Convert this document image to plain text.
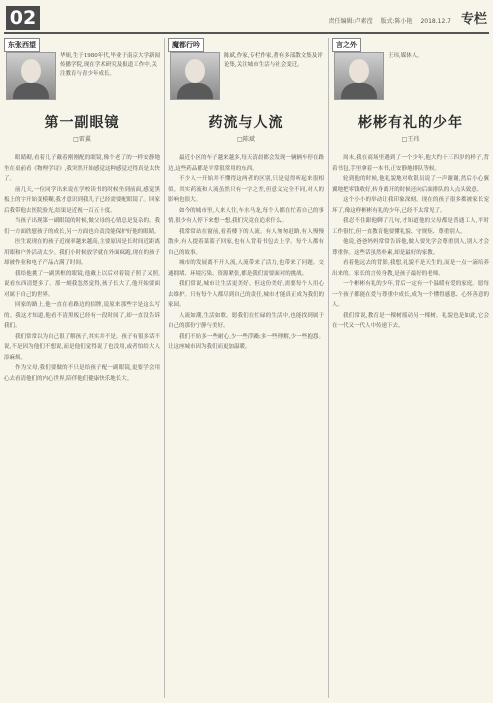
02	责任编辑:卢素滢 版式:陈小艳 2018.12.7 专栏
东张西望
华姐,生于1980年代,毕业于南京大学新闻传播学院,现在学术研究及报道工作中,关注教育与青少年成长。
第一副眼镜
□雷翼

眼睛砌,看着儿子戴着刚刚配的眼镜,像个老了的一样安静地坐在桌前看《物理学诗》,我突然开始感觉这种感觉过得真是太快了。

前几天,一位同学出来说在学校读书的时候坐到前面,感觉黑板上的字开始变模糊,我才意识到我儿子已经需要配眼镜了。回家后我带他去医院验光,结果是近视一百五十度。

当孩子出现第一副眼镜的时候,做父母的心情总是复杂的。我们一方面欣慰孩子的成长,另一方面也自责没能保护好他的眼睛。

医生说现在的孩子近视率越来越高,主要原因是长时间近距离用眼和户外活动太少。我们小时候放学就在外面疯跑,现在的孩子却被作业和电子产品占满了时间。

我给他挑了一副黑框的眼镜,他戴上以后对着镜子照了又照,说看东西清楚多了。那一刻我忽然觉得,孩子长大了,他开始要面对属于自己的世界。

回家的路上,他一直在看路边的招牌,说原来那些字是这么写的。我这才知道,他看不清黑板已经有一段时间了,却一直没告诉我们。

我们常常以为自己很了解孩子,其实并不是。孩子有很多话不说,不是因为他们不想说,而是他们觉得说了也没用,或者怕给大人添麻烦。

作为父母,我们要做的不只是给孩子配一副眼镜,更要学会用心去看清他们的内心世界,陪伴他们健康快乐地长大。

魔都行吟
陈斌,作家,专栏作家,著有多部散文集及评论集,关注城市生活与社会变迁。
药流与人流
□陈斌

最近小区的车子越来越多,每天清晨都会发现一辆辆车停在路边,这些药品都是平常很常用的东西。

不少人一开始并不懂得这两者的区别,只是觉得听起来很相似。其实药流和人流虽然只有一字之差,但意义完全不同,对人的影响也很大。

如今的城市里,人来人往,车水马龙,每个人都在忙着自己的事情,很少有人停下来想一想,我们究竟在追求什么。

我常常站在窗前,看着楼下的人流。有人匆匆赶路,有人慢慢散步,有人提着菜篮子回家,也有人背着书包去上学。每个人都有自己的故事。

城市的发展离不开人流,人流带来了活力,也带来了问题。交通拥堵、环境污染、资源紧张,都是我们需要面对的挑战。

我们常说,城市让生活更美好。但这份美好,需要每个人用心去维护。只有每个人都尽到自己的责任,城市才能真正成为我们的家园。

人流如潮,生活如歌。愿我们在忙碌的生活中,也能找到属于自己的那份宁静与美好。

我们不妨多一些耐心,少一些浮躁;多一些理解,少一些抱怨。让这座城市因为我们而更加温暖。

言之外
王玮,媒体人。
彬彬有礼的少年
□王玮

周末,我在商场里遇到了一个少年,他大约十三四岁的样子,背着书包,手里拿着一本书,正安静地排队等候。

轮到他的时候,他礼貌地对收银员说了一声谢谢,然后小心翼翼地把零钱收好,转身离开的时候还向后面排队的人点头致意。

这个小小的举动让我印象深刻。现在的孩子很多都被家长宠坏了,像这样彬彬有礼的少年,已经不太常见了。

我忍不住跟他聊了几句,才知道他的父母都是普通工人,平时工作很忙,但一直教育他要懂礼貌、守规矩、尊重别人。

他说,爸爸妈妈常常告诉他,做人要先学会尊重别人,别人才会尊重你。这些话虽然朴素,却是最好的家教。

看着他远去的背影,我想,礼貌不是天生的,而是一点一滴培养出来的。家长的言传身教,是孩子最好的老师。

一个彬彬有礼的少年,背后一定有一个温暖有爱的家庭。愿每一个孩子都能在爱与尊重中成长,成为一个懂得感恩、心怀善意的人。

我们常说,教育是一棵树摇动另一棵树。礼貌也是如此,它会在一代又一代人中传递下去。
